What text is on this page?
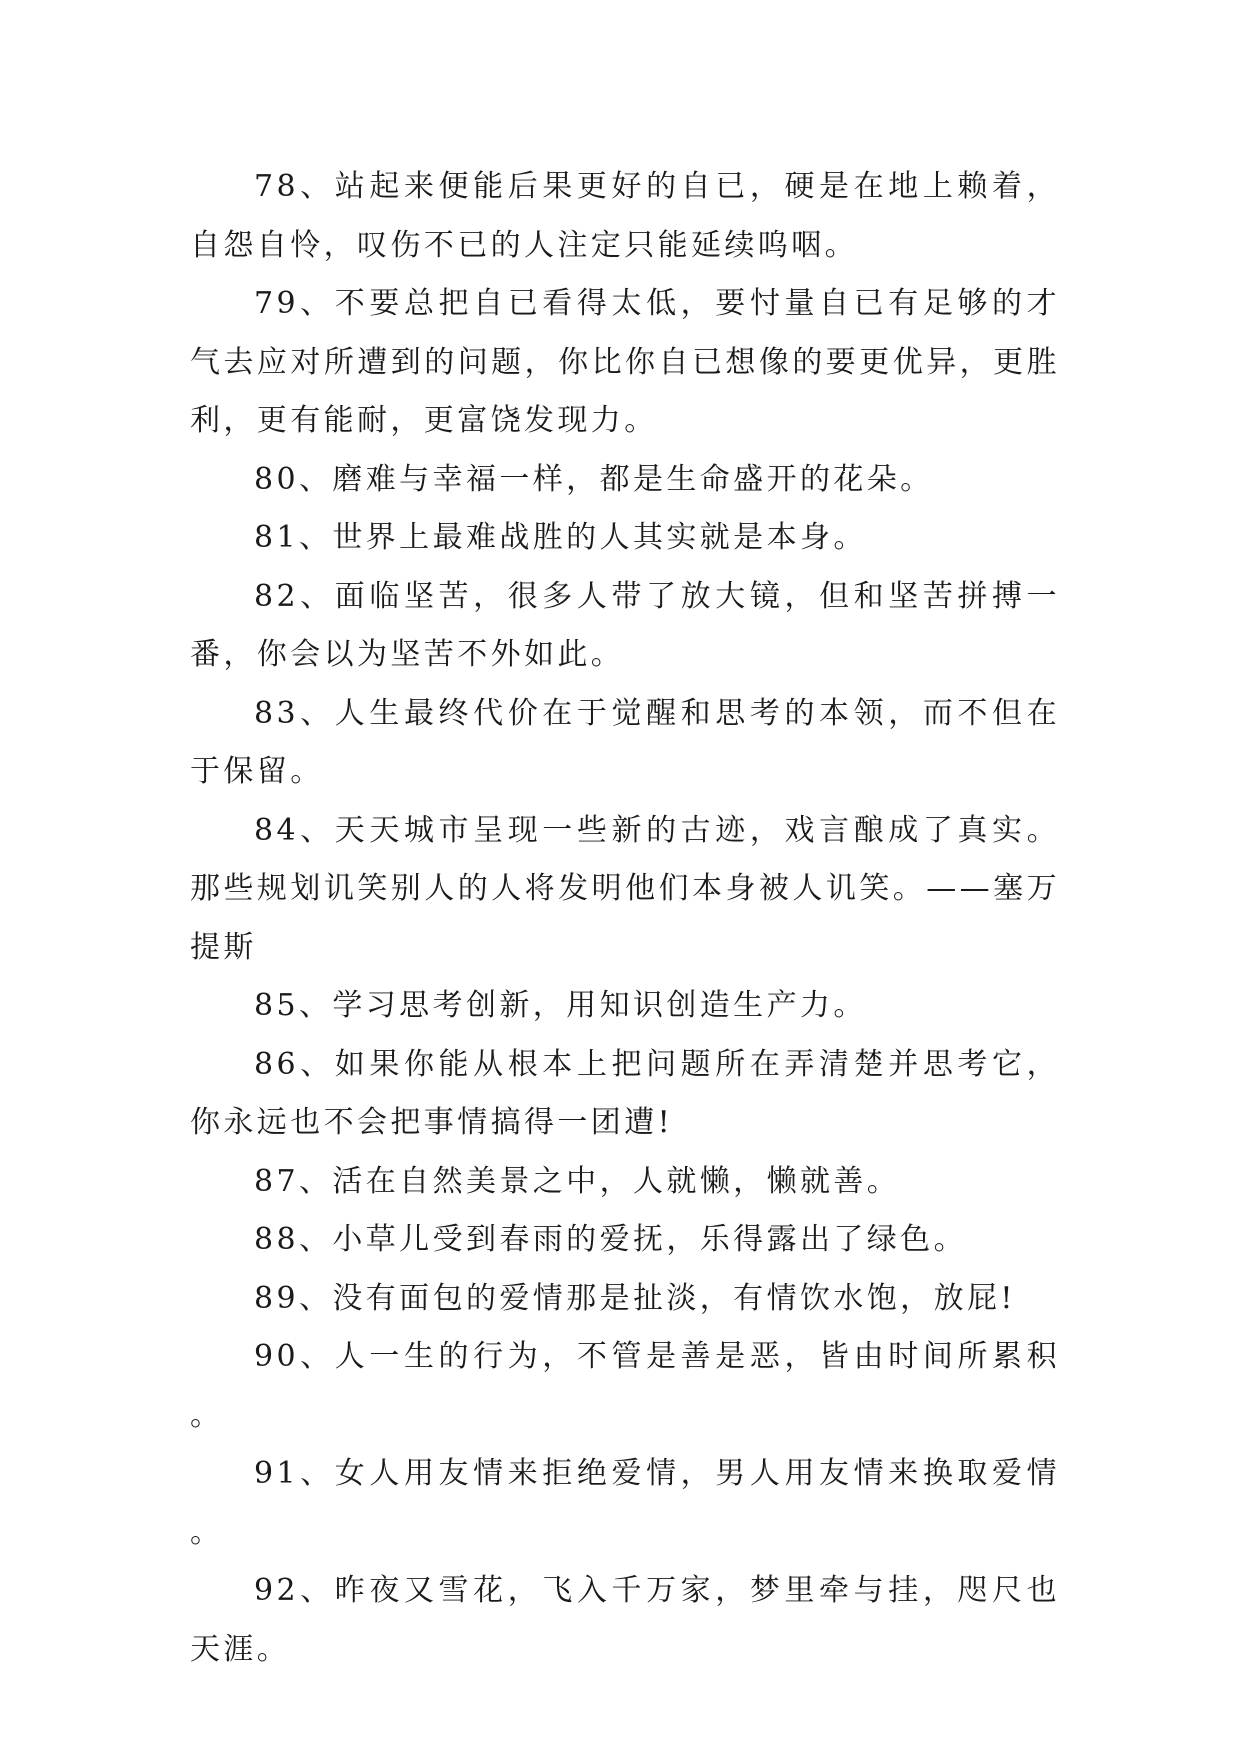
78、站起来便能后果更好的自已，硬是在地上赖着，自怨自怜，叹伤不已的人注定只能延续呜咽。

79、不要总把自已看得太低，要忖量自已有足够的才气去应对所遭到的问题，你比你自已想像的要更优异，更胜利，更有能耐，更富饶发现力。

80、磨难与幸福一样，都是生命盛开的花朵。

81、世界上最难战胜的人其实就是本身。

82、面临坚苦，很多人带了放大镜，但和坚苦拼搏一番，你会以为坚苦不外如此。

83、人生最终代价在于觉醒和思考的本领，而不但在于保留。

84、天天城市呈现一些新的古迹，戏言酿成了真实。那些规划讥笑别人的人将发明他们本身被人讥笑。——塞万提斯

85、学习思考创新，用知识创造生产力。

86、如果你能从根本上把问题所在弄清楚并思考它，你永远也不会把事情搞得一团遭!

87、活在自然美景之中，人就懒，懒就善。

88、小草儿受到春雨的爱抚，乐得露出了绿色。

89、没有面包的爱情那是扯淡，有情饮水饱，放屁!

90、人一生的行为，不管是善是恶，皆由时间所累积。

91、女人用友情来拒绝爱情，男人用友情来换取爱情。

92、昨夜又雪花，飞入千万家，梦里牵与挂，咫尺也天涯。
